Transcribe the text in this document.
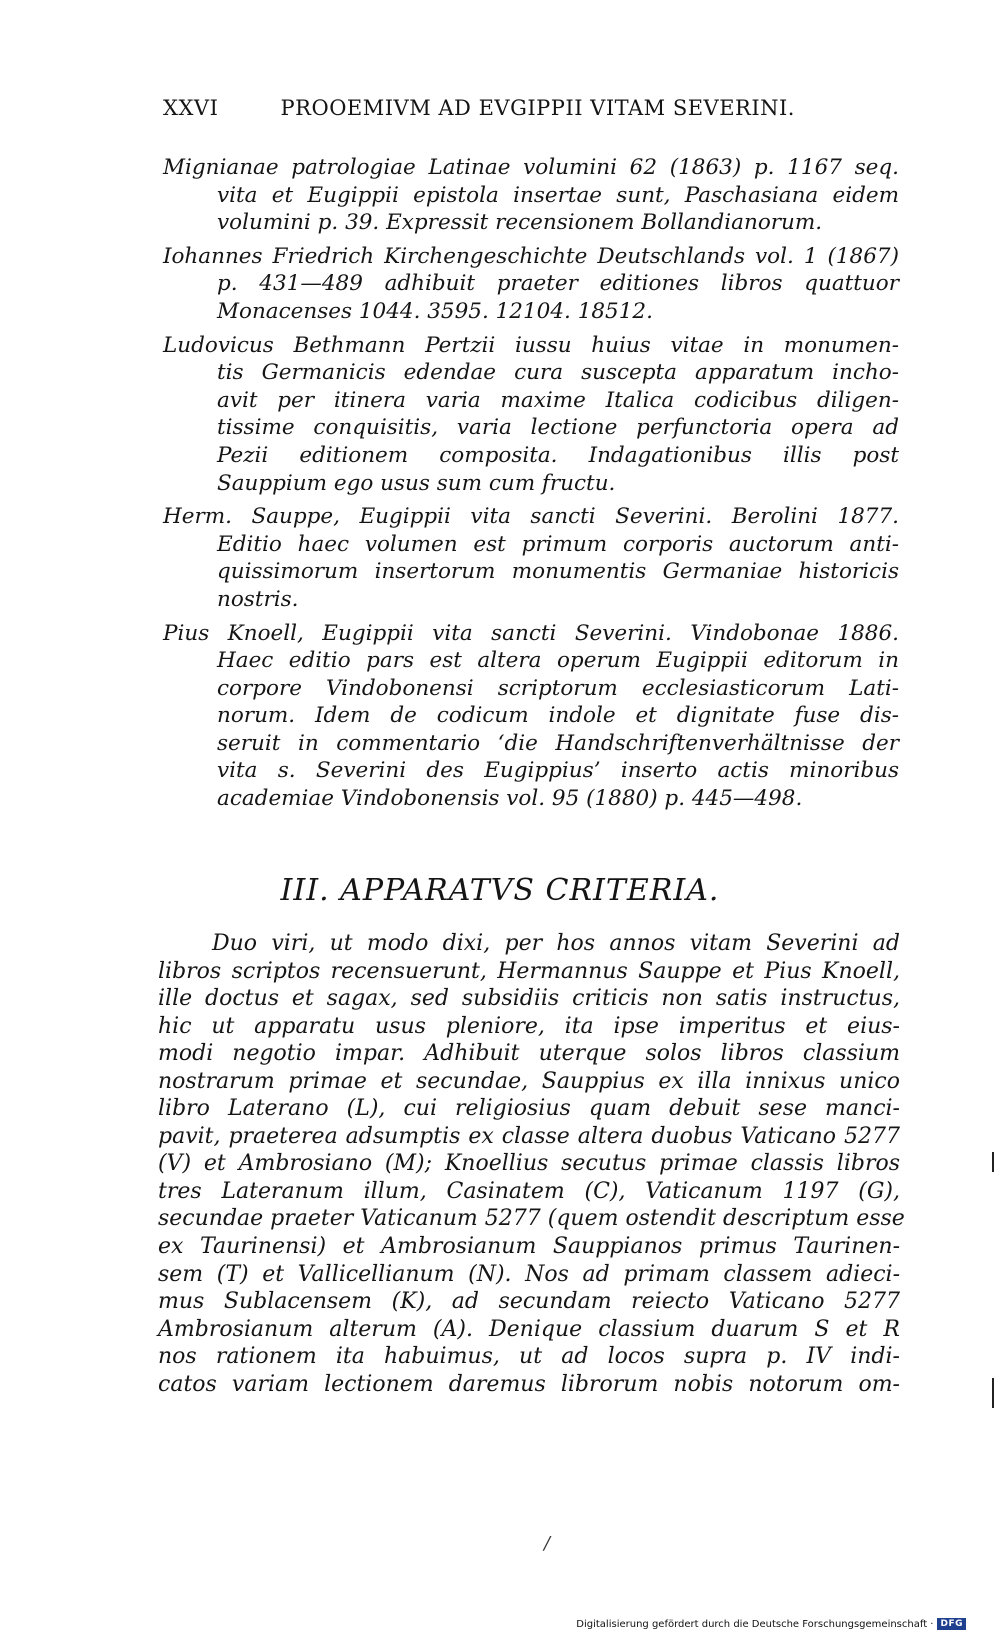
XXVI	PROOEMIVM AD EVGIPPII VITAM SEVERINI.
Mignianae patrologiae Latinae volumini 62 (1863) p. 1167 seq.
vita et Eugippii epistola insertae sunt, Paschasiana eidem
volumini p. 39. Expressit recensionem Bollandianorum.
Iohannes Friedrich Kirchengeschichte Deutschlands vol. 1 (1867)
p. 431—489 adhibuit praeter editiones libros quattuor
Monacenses 1044. 3595. 12104. 18512.
Ludovicus Bethmann Pertzii iussu huius vitae in monumen-
tis Germanicis edendae cura suscepta apparatum incho-
avit per itinera varia maxime Italica codicibus diligen-
tissime conquisitis, varia lectione perfunctoria opera ad
Pezii editionem composita. Indagationibus illis post
Sauppium ego usus sum cum fructu.
Herm. Sauppe, Eugippii vita sancti Severini. Berolini 1877.
Editio haec volumen est primum corporis auctorum anti-
quissimorum insertorum monumentis Germaniae historicis
nostris.
Pius Knoell, Eugippii vita sancti Severini. Vindobonae 1886.
Haec editio pars est altera operum Eugippii editorum in
corpore Vindobonensi scriptorum ecclesiasticorum Lati-
norum. Idem de codicum indole et dignitate fuse dis-
seruit in commentario ‘die Handschriftenverhältnisse der
vita s. Severini des Eugippius’ inserto actis minoribus
academiae Vindobonensis vol. 95 (1880) p. 445—498.
III. APPARATVS CRITERIA.
Duo viri, ut modo dixi, per hos annos vitam Severini ad
libros scriptos recensuerunt, Hermannus Sauppe et Pius Knoell,
ille doctus et sagax, sed subsidiis criticis non satis instructus,
hic ut apparatu usus pleniore, ita ipse imperitus et eius-
modi negotio impar. Adhibuit uterque solos libros classium
nostrarum primae et secundae, Sauppius ex illa innixus unico
libro Laterano (L), cui religiosius quam debuit sese manci-
pavit, praeterea adsumptis ex classe altera duobus Vaticano 5277
(V) et Ambrosiano (M); Knoellius secutus primae classis libros
tres Lateranum illum, Casinatem (C), Vaticanum 1197 (G),
secundae praeter Vaticanum 5277 (quem ostendit descriptum esse
ex Taurinensi) et Ambrosianum Sauppianos primus Taurinen-
sem (T) et Vallicellianum (N). Nos ad primam classem adieci-
mus Sublacensem (K), ad secundam reiecto Vaticano 5277
Ambrosianum alterum (A). Denique classium duarum S et R
nos rationem ita habuimus, ut ad locos supra p. IV indi-
catos variam lectionem daremus librorum nobis notorum om-
/
Digitalisierung gefördert durch die Deutsche Forschungsgemeinschaft · DFG
